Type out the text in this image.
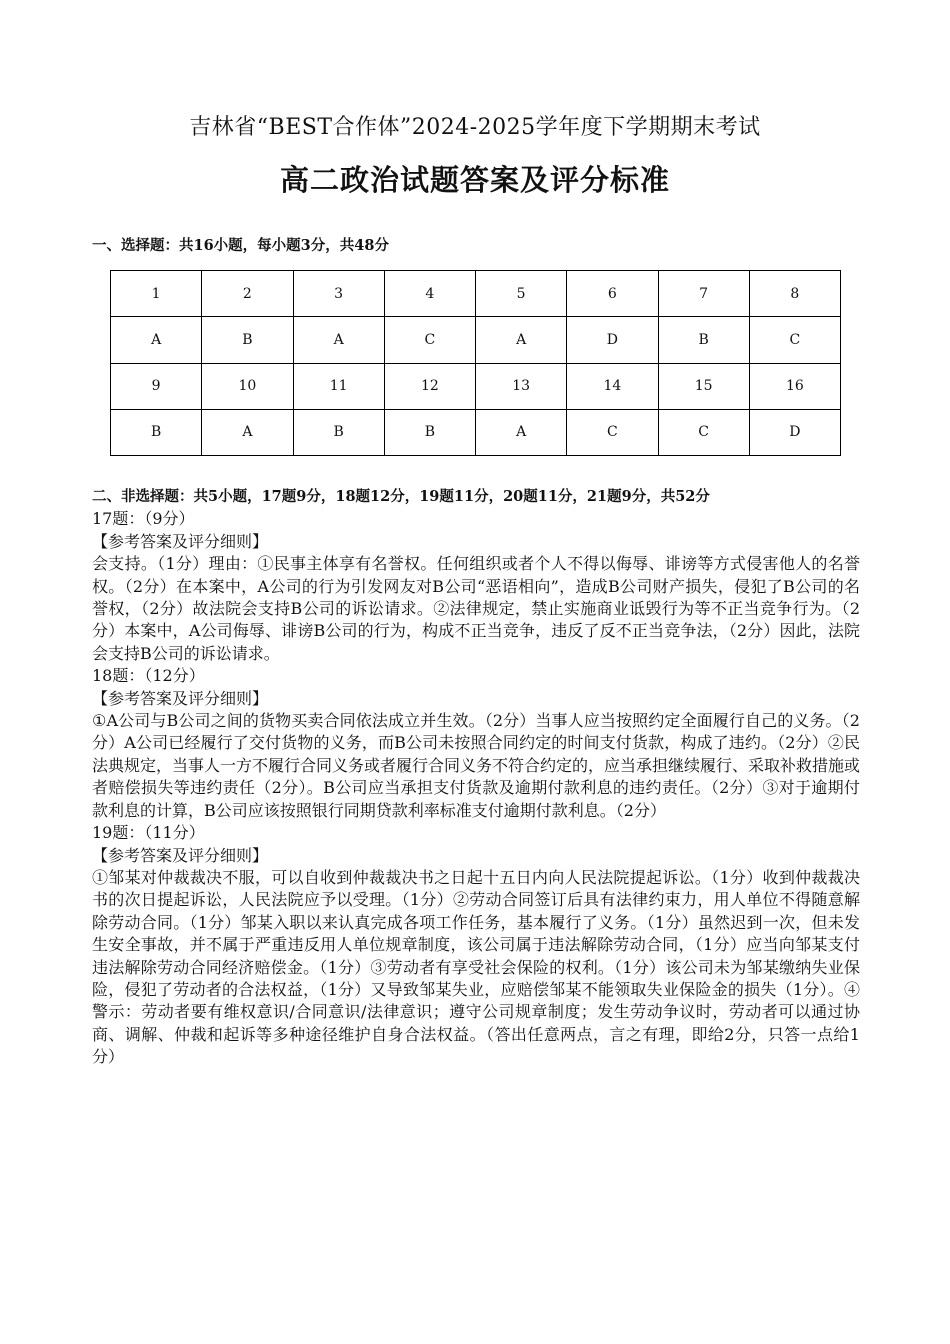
吉林省“BEST合作体”2024-2025学年度下学期期末考试
高二政治试题答案及评分标准
一、选择题：共16小题，每小题3分，共48分
1	2	3	4	5	6	7	8
A	B	A	C	A	D	B	C
9	10	11	12	13	14	15	16
B	A	B	B	A	C	C	D

二、非选择题：共5小题，17题9分，18题12分，19题11分，20题11分，21题9分，共52分

17题：（9分）

【参考答案及评分细则】

会支持。（1分）理由：①民事主体享有名誉权。任何组织或者个人不得以侮辱、诽谤等方式侵害他人的名誉权。（2分）在本案中，A公司的行为引发网友对B公司“恶语相向”，造成B公司财产损失，侵犯了B公司的名誉权，（2分）故法院会支持B公司的诉讼请求。②法律规定，禁止实施商业诋毁行为等不正当竞争行为。（2分）本案中，A公司侮辱、诽谤B公司的行为，构成不正当竞争，违反了反不正当竞争法，（2分）因此，法院会支持B公司的诉讼请求。

18题：（12分）

【参考答案及评分细则】

①A公司与B公司之间的货物买卖合同依法成立并生效。（2分）当事人应当按照约定全面履行自己的义务。（2分）A公司已经履行了交付货物的义务，而B公司未按照合同约定的时间支付货款，构成了违约。（2分）②民法典规定，当事人一方不履行合同义务或者履行合同义务不符合约定的，应当承担继续履行、采取补救措施或者赔偿损失等违约责任（2分）。B公司应当承担支付货款及逾期付款利息的违约责任。（2分）③对于逾期付款利息的计算，B公司应该按照银行同期贷款利率标准支付逾期付款利息。（2分）

19题：（11分）

【参考答案及评分细则】

①邹某对仲裁裁决不服，可以自收到仲裁裁决书之日起十五日内向人民法院提起诉讼。（1分）收到仲裁裁决书的次日提起诉讼，人民法院应予以受理。（1分）②劳动合同签订后具有法律约束力，用人单位不得随意解除劳动合同。（1分）邹某入职以来认真完成各项工作任务，基本履行了义务。（1分）虽然迟到一次，但未发生安全事故，并不属于严重违反用人单位规章制度，该公司属于违法解除劳动合同，（1分）应当向邹某支付违法解除劳动合同经济赔偿金。（1分）③劳动者有享受社会保险的权利。（1分）该公司未为邹某缴纳失业保险，侵犯了劳动者的合法权益，（1分）又导致邹某失业，应赔偿邹某不能领取失业保险金的损失（1分）。④警示：劳动者要有维权意识/合同意识/法律意识；遵守公司规章制度；发生劳动争议时，劳动者可以通过协商、调解、仲裁和起诉等多种途径维护自身合法权益。（答出任意两点，言之有理，即给2分，只答一点给1分）
